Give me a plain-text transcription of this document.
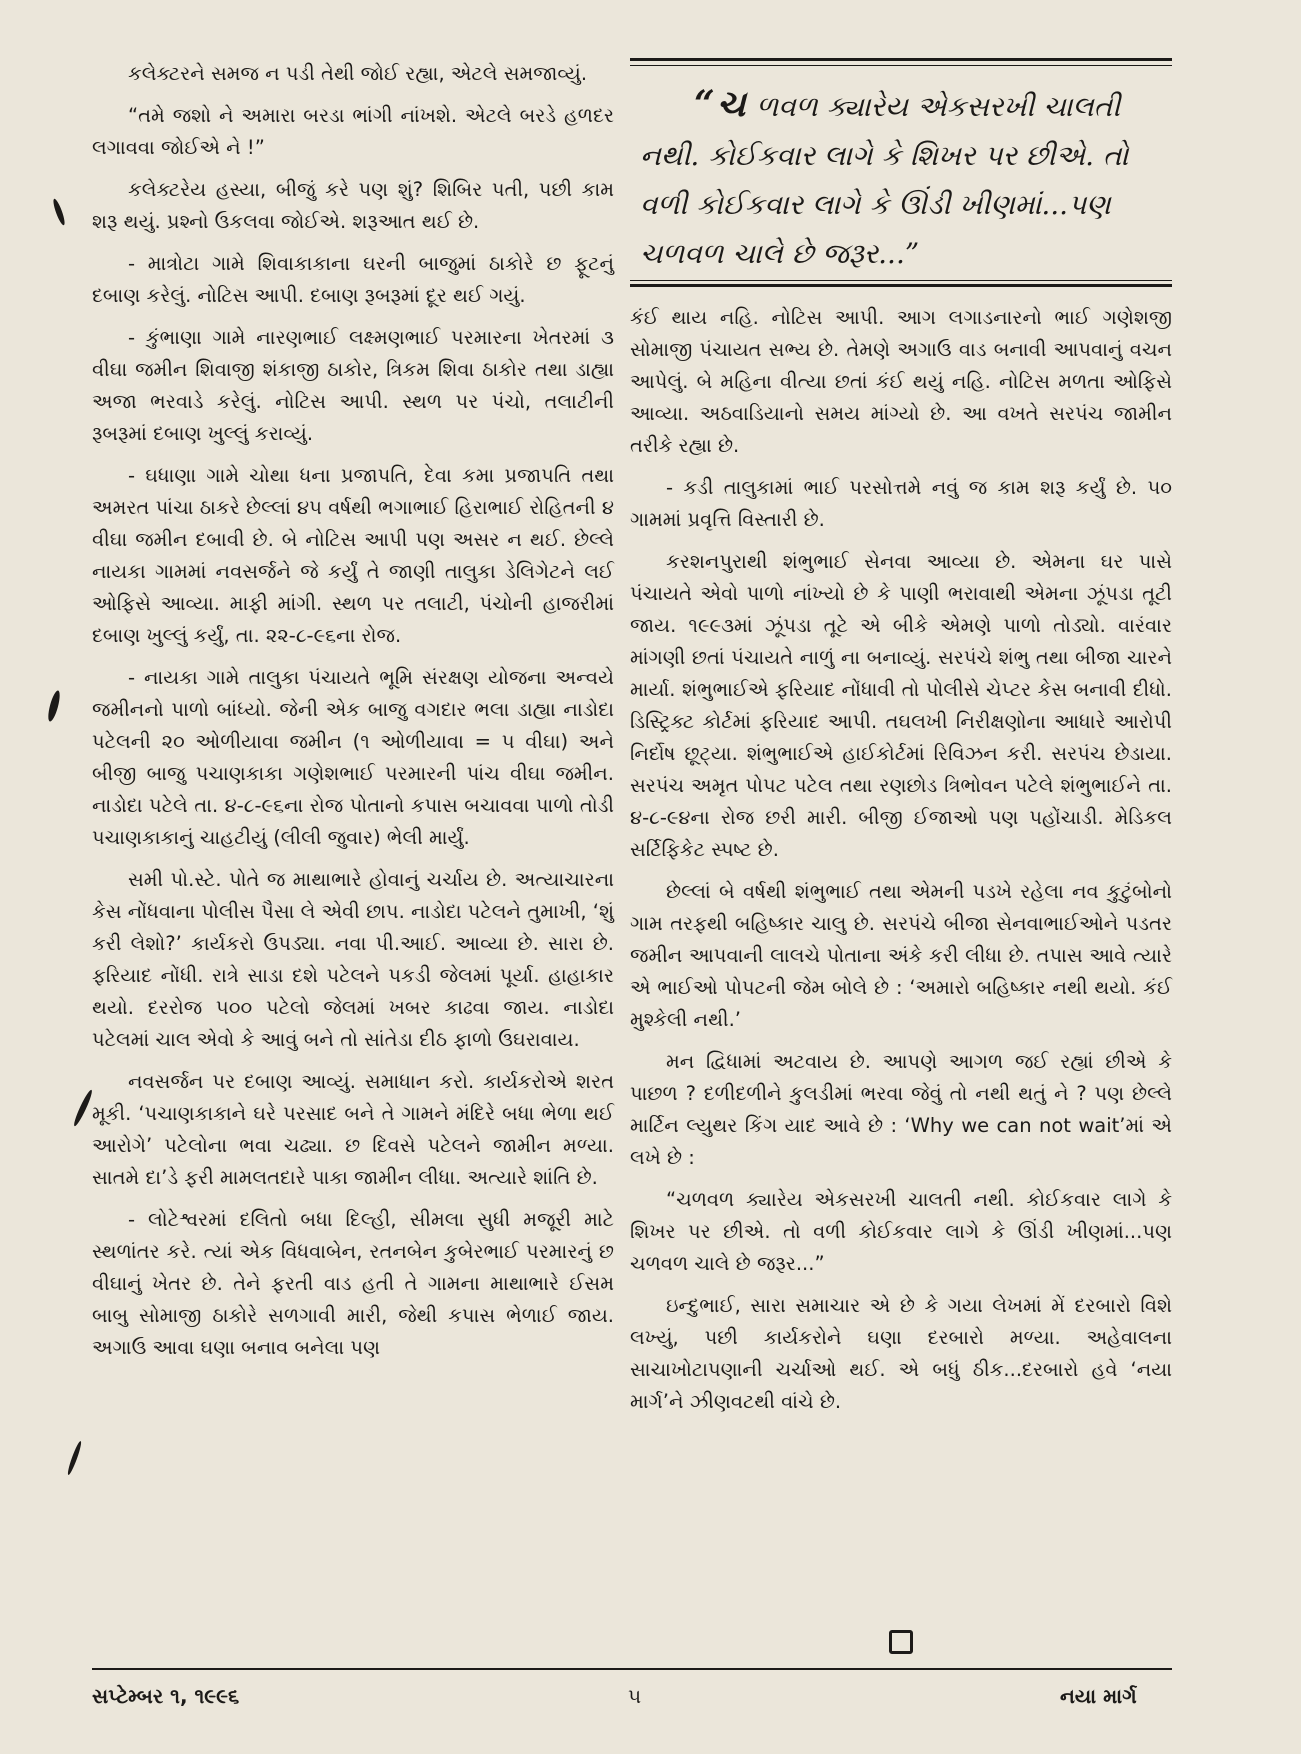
કલેક્ટરને સમજ ન પડી તેથી જોઈ રહ્યા, એટલે સમજાવ્યું.

“તમે જશો ને અમારા બરડા ભાંગી નાંખશે. એટલે બરડે હળદર લગાવવા જોઈએ ને !”

કલેક્ટરેય હસ્યા, બીજું કરે પણ શું? શિબિર પતી, પછી કામ શરૂ થયું. પ્રશ્નો ઉકલવા જોઈએ. શરૂઆત થઈ છે.

- માત્રોટા ગામે શિવાકાકાના ઘરની બાજુમાં ઠાકોરે છ ફૂટનું દબાણ કરેલું. નોટિસ આપી. દબાણ રૂબરૂમાં દૂર થઈ ગયું.

- કુંભાણા ગામે નારણભાઈ લક્ષ્મણભાઈ પરમારના ખેતરમાં ૩ વીઘા જમીન શિવાજી શંકાજી ઠાકોર, ત્રિકમ શિવા ઠાકોર તથા ડાહ્યા અજા ભરવાડે કરેલું. નોટિસ આપી. સ્થળ પર પંચો, તલાટીની રૂબરૂમાં દબાણ ખુલ્લું કરાવ્યું.

- ઘધાણા ગામે ચોથા ધના પ્રજાપતિ, દેવા કમા પ્રજાપતિ તથા અમરત પાંચા ઠાકરે છેલ્લાં ૪૫ વર્ષથી ભગાભાઈ હિરાભાઈ રોહિતની ૪ વીઘા જમીન દબાવી છે. બે નોટિસ આપી પણ અસર ન થઈ. છેલ્લે નાયકા ગામમાં નવસર્જને જે કર્યું તે જાણી તાલુકા ડેલિગેટને લઈ ઓફિસે આવ્યા. માફી માંગી. સ્થળ પર તલાટી, પંચોની હાજરીમાં દબાણ ખુલ્લું કર્યું, તા. ૨૨-૮-૯૬ના રોજ.

- નાયકા ગામે તાલુકા પંચાયતે ભૂમિ સંરક્ષણ યોજના અન્વયે જમીનનો પાળો બાંધ્યો. જેની એક બાજુ વગદાર ભલા ડાહ્યા નાડોદા પટેલની ૨૦ ઓળીયાવા જમીન (૧ ઓળીયાવા = ૫ વીઘા) અને બીજી બાજુ પચાણકાકા ગણેશભાઈ પરમારની પાંચ વીઘા જમીન. નાડોદા પટેલે તા. ૪-૮-૯૬ના રોજ પોતાનો કપાસ બચાવવા પાળો તોડી પચાણકાકાનું ચાહટીયું (લીલી જુવાર) ભેલી માર્યું.

સમી પો.સ્ટે. પોતે જ માથાભારે હોવાનું ચર્ચાય છે. અત્યાચારના કેસ નોંધવાના પોલીસ પૈસા લે એવી છાપ. નાડોદા પટેલને તુમાખી, ‘શું કરી લેશો?’ કાર્યકરો ઉપડ્યા. નવા પી.આઈ. આવ્યા છે. સારા છે. ફરિયાદ નોંધી. રાત્રે સાડા દશે પટેલને પકડી જેલમાં પૂર્યા. હાહાકાર થયો. દરરોજ ૫૦૦ પટેલો જેલમાં ખબર કાઢવા જાય. નાડોદા પટેલમાં ચાલ એવો કે આવું બને તો સાંતેડા દીઠ ફાળો ઉઘરાવાય.

નવસર્જન પર દબાણ આવ્યું. સમાધાન કરો. કાર્યકરોએ શરત મૂકી. ‘પચાણકાકાને ઘરે પરસાદ બને તે ગામને મંદિરે બધા ભેળા થઈ આરોગે’ પટેલોના ભવા ચઢ્યા. છ દિવસે પટેલને જામીન મળ્યા. સાતમે દા’ડે ફરી મામલતદારે પાકા જામીન લીધા. અત્યારે શાંતિ છે.

- લોટેશ્વરમાં દલિતો બધા દિલ્હી, સીમલા સુધી મજૂરી માટે સ્થળાંતર કરે. ત્યાં એક વિધવાબેન, રતનબેન કુબેરભાઈ પરમારનું છ વીઘાનું ખેતર છે. તેને ફરતી વાડ હતી તે ગામના માથાભારે ઈસમ બાબુ સોમાજી ઠાકોરે સળગાવી મારી, જેથી કપાસ ભેળાઈ જાય. અગાઉ આવા ઘણા બનાવ બનેલા પણ

“ચ ળવળ ક્યારેય એકસરખી ચાલતી
નથી. કોઈકવાર લાગે કે શિખર પર છીએ. તો
વળી કોઈકવાર લાગે કે ઊંડી ખીણમાં...પણ
ચળવળ ચાલે છે જરૂર...”

કંઈ થાય નહિ. નોટિસ આપી. આગ લગાડનારનો ભાઈ ગણેશજી સોમાજી પંચાયત સભ્ય છે. તેમણે અગાઉ વાડ બનાવી આપવાનું વચન આપેલું. બે મહિના વીત્યા છતાં કંઈ થયું નહિ. નોટિસ મળતા ઓફિસે આવ્યા. અઠવાડિયાનો સમય માંગ્યો છે. આ વખતે સરપંચ જામીન તરીકે રહ્યા છે.

- કડી તાલુકામાં ભાઈ પરસોત્તમે નવું જ કામ શરૂ કર્યું છે. ૫૦ ગામમાં પ્રવૃત્તિ વિસ્તારી છે.

કરશનપુરાથી શંભુભાઈ સેનવા આવ્યા છે. એમના ઘર પાસે પંચાયતે એવો પાળો નાંખ્યો છે કે પાણી ભરાવાથી એમના ઝૂંપડા તૂટી જાય. ૧૯૯૩માં ઝૂંપડા તૂટે એ બીકે એમણે પાળો તોડ્યો. વારંવાર માંગણી છતાં પંચાયતે નાળું ના બનાવ્યું. સરપંચે શંભુ તથા બીજા ચારને માર્યા. શંભુભાઈએ ફરિયાદ નોંધાવી તો પોલીસે ચેપ્ટર કેસ બનાવી દીધો. ડિસ્ટ્રિક્ટ કોર્ટમાં ફરિયાદ આપી. તઘલખી નિરીક્ષણોના આધારે આરોપી નિર્દોષ છૂટ્યા. શંભુભાઈએ હાઈકોર્ટમાં રિવિઝન કરી. સરપંચ છેડાયા. સરપંચ અમૃત પોપટ પટેલ તથા રણછોડ ત્રિભોવન પટેલે શંભુભાઈને તા. ૪-૮-૯૪ના રોજ છરી મારી. બીજી ઈજાઓ પણ પહોંચાડી. મેડિકલ સર્ટિફિકેટ સ્પષ્ટ છે.

છેલ્લાં બે વર્ષથી શંભુભાઈ તથા એમની પડખે રહેલા નવ કુટુંબોનો ગામ તરફથી બહિષ્કાર ચાલુ છે. સરપંચે બીજા સેનવાભાઈઓને પડતર જમીન આપવાની લાલચે પોતાના અંકે કરી લીધા છે. તપાસ આવે ત્યારે એ ભાઈઓ પોપટની જેમ બોલે છે : ‘અમારો બહિષ્કાર નથી થયો. કંઈ મુશ્કેલી નથી.’

મન દ્વિધામાં અટવાય છે. આપણે આગળ જઈ રહ્યાં છીએ કે પાછળ ? દળીદળીને કુલડીમાં ભરવા જેવું તો નથી થતું ને ? પણ છેલ્લે માર્ટિન લ્યુથર કિંગ યાદ આવે છે : ‘Why we can not wait’માં એ લખે છે :

“ચળવળ ક્યારેય એકસરખી ચાલતી નથી. કોઈકવાર લાગે કે શિખર પર છીએ. તો વળી કોઈકવાર લાગે કે ઊંડી ખીણમાં...પણ ચળવળ ચાલે છે જરૂર...”

ઇન્દુભાઈ, સારા સમાચાર એ છે કે ગયા લેખમાં મેં દરબારો વિશે લખ્યું, પછી કાર્યકરોને ઘણા દરબારો મળ્યા. અહેવાલના સાચાખોટાપણાની ચર્ચાઓ થઈ. એ બધું ઠીક...દરબારો હવે ‘નયા માર્ગ’ને ઝીણવટથી વાંચે છે.

સપ્ટેમ્બર ૧, ૧૯૯૬	૫	નયા માર્ગ
